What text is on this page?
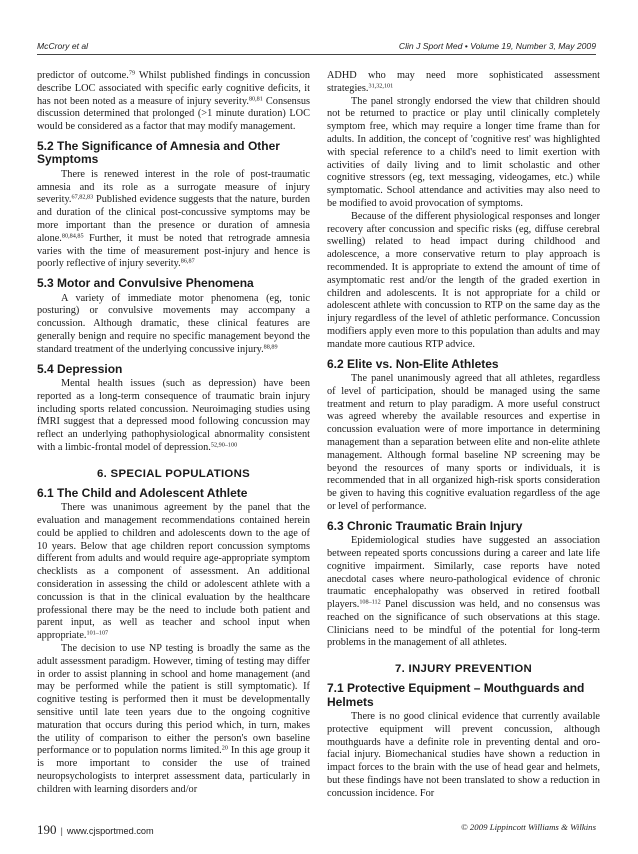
McCrory et al	Clin J Sport Med • Volume 19, Number 3, May 2009

predictor of outcome.$^{79}$ Whilst published findings in concussion describe LOC associated with specific early cognitive deficits, it has not been noted as a measure of injury severity.$^{80,81}$ Consensus discussion determined that prolonged (>1 minute duration) LOC would be considered as a factor that may modify management.

5.2 The Significance of Amnesia and Other Symptoms

There is renewed interest in the role of post-traumatic amnesia and its role as a surrogate measure of injury severity.$^{67,82,83}$ Published evidence suggests that the nature, burden and duration of the clinical post-concussive symptoms may be more important than the presence or duration of amnesia alone.$^{80,84,85}$ Further, it must be noted that retrograde amnesia varies with the time of measurement post-injury and hence is poorly reflective of injury severity.$^{86,87}$

5.3 Motor and Convulsive Phenomena

A variety of immediate motor phenomena (eg, tonic posturing) or convulsive movements may accompany a concussion. Although dramatic, these clinical features are generally benign and require no specific management beyond the standard treatment of the underlying concussive injury.$^{88,89}$

5.4 Depression

Mental health issues (such as depression) have been reported as a long-term consequence of traumatic brain injury including sports related concussion. Neuroimaging studies using fMRI suggest that a depressed mood following concussion may reflect an underlying pathophysiological abnormality consistent with a limbic-frontal model of depression.$^{52,90-100}$

6. SPECIAL POPULATIONS
6.1 The Child and Adolescent Athlete

There was unanimous agreement by the panel that the evaluation and management recommendations contained herein could be applied to children and adolescents down to the age of 10 years. Below that age children report concussion symptoms different from adults and would require age-appropriate symptom checklists as a component of assessment. An additional consideration in assessing the child or adolescent athlete with a concussion is that in the clinical evaluation by the healthcare professional there may be the need to include both patient and parent input, as well as teacher and school input when appropriate.$^{101-107}$

The decision to use NP testing is broadly the same as the adult assessment paradigm. However, timing of testing may differ in order to assist planning in school and home management (and may be performed while the patient is still symptomatic). If cognitive testing is performed then it must be developmentally sensitive until late teen years due to the ongoing cognitive maturation that occurs during this period which, in turn, makes the utility of comparison to either the person's own baseline performance or to population norms limited.$^{20}$ In this age group it is more important to consider the use of trained neuropsychologists to interpret assessment data, particularly in children with learning disorders and/or

ADHD who may need more sophisticated assessment strategies.$^{31,32,101}$

The panel strongly endorsed the view that children should not be returned to practice or play until clinically completely symptom free, which may require a longer time frame than for adults. In addition, the concept of 'cognitive rest' was highlighted with special reference to a child's need to limit exertion with activities of daily living and to limit scholastic and other cognitive stressors (eg, text messaging, videogames, etc.) while symptomatic. School attendance and activities may also need to be modified to avoid provocation of symptoms.

Because of the different physiological responses and longer recovery after concussion and specific risks (eg, diffuse cerebral swelling) related to head impact during childhood and adolescence, a more conservative return to play approach is recommended. It is appropriate to extend the amount of time of asymptomatic rest and/or the length of the graded exertion in children and adolescents. It is not appropriate for a child or adolescent athlete with concussion to RTP on the same day as the injury regardless of the level of athletic performance. Concussion modifiers apply even more to this population than adults and may mandate more cautious RTP advice.

6.2 Elite vs. Non-Elite Athletes

The panel unanimously agreed that all athletes, regardless of level of participation, should be managed using the same treatment and return to play paradigm. A more useful construct was agreed whereby the available resources and expertise in concussion evaluation were of more importance in determining management than a separation between elite and non-elite athlete management. Although formal baseline NP screening may be beyond the resources of many sports or individuals, it is recommended that in all organized high-risk sports consideration be given to having this cognitive evaluation regardless of the age or level of performance.

6.3 Chronic Traumatic Brain Injury

Epidemiological studies have suggested an association between repeated sports concussions during a career and late life cognitive impairment. Similarly, case reports have noted anecdotal cases where neuro-pathological evidence of chronic traumatic encephalopathy was observed in retired football players.$^{108-112}$ Panel discussion was held, and no consensus was reached on the significance of such observations at this stage. Clinicians need to be mindful of the potential for long-term problems in the management of all athletes.

7. INJURY PREVENTION
7.1 Protective Equipment – Mouthguards and Helmets

There is no good clinical evidence that currently available protective equipment will prevent concussion, although mouthguards have a definite role in preventing dental and oro-facial injury. Biomechanical studies have shown a reduction in impact forces to the brain with the use of head gear and helmets, but these findings have not been translated to show a reduction in concussion incidence. For

190 | www.cjsportmed.com	© 2009 Lippincott Williams & Wilkins
